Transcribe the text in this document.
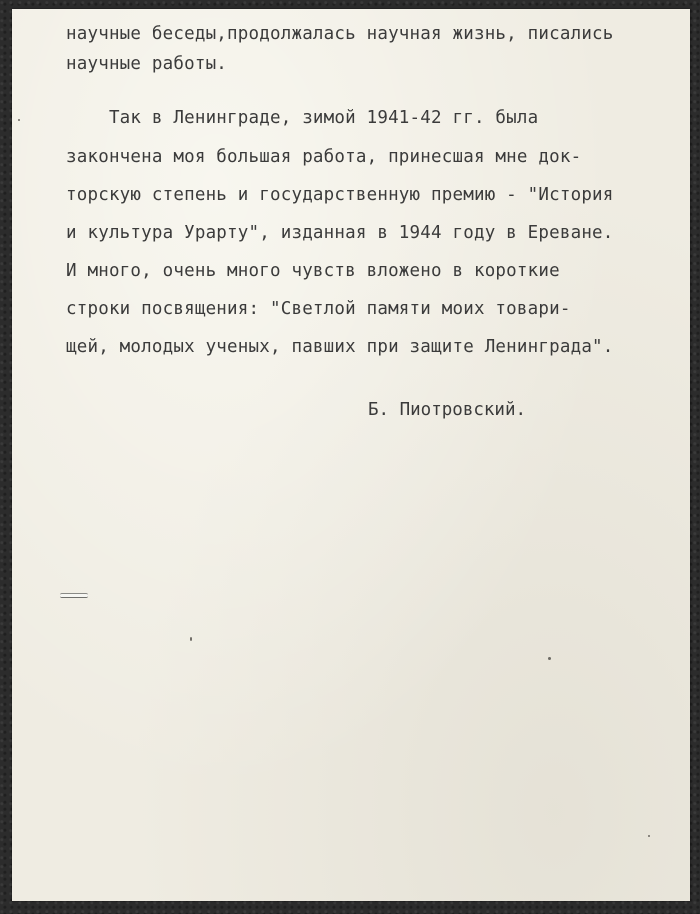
научные беседы,продолжалась научная жизнь, писались
научные работы.
Так в Ленинграде, зимой 1941-42 гг. была
закончена моя большая работа, принесшая мне док-
торскую степень и государственную премию - "История
и культура Урарту", изданная в 1944 году в Ереване.
И много, очень много чувств вложено в короткие
строки посвящения: "Светлой памяти моих товари-
щей, молодых ученых, павших при защите Ленинграда".
Б. Пиотровский.
